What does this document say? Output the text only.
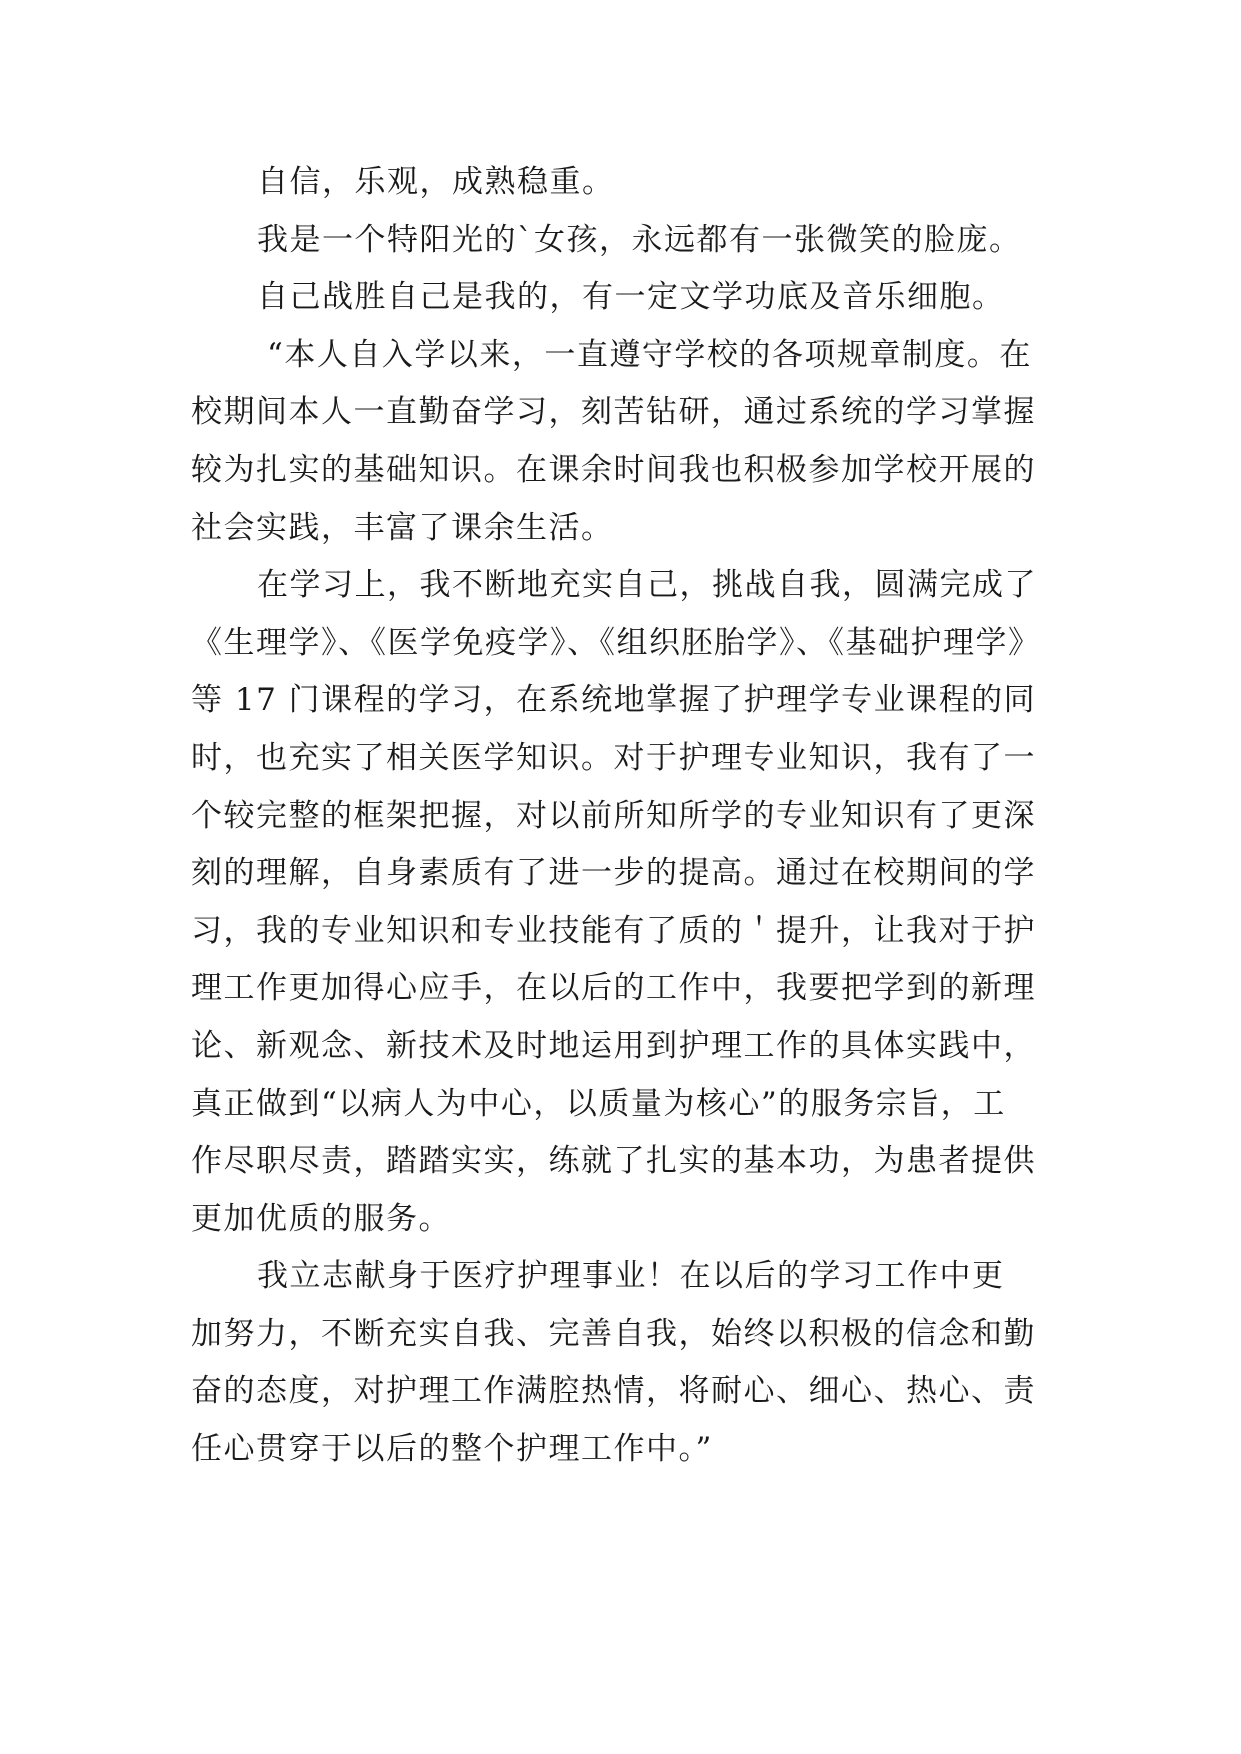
自信，乐观，成熟稳重。
我是一个特阳光的`女孩，永远都有一张微笑的脸庞。
自己战胜自己是我的，有一定文学功底及音乐细胞。
“本人自入学以来，一直遵守学校的各项规章制度。在
校期间本人一直勤奋学习，刻苦钻研，通过系统的学习掌握
较为扎实的基础知识。在课余时间我也积极参加学校开展的
社会实践，丰富了课余生活。
在学习上，我不断地充实自己，挑战自我，圆满完成了
《生理学》、《医学免疫学》、《组织胚胎学》、《基础护理学》
等 17 门课程的学习，在系统地掌握了护理学专业课程的同
时，也充实了相关医学知识。对于护理专业知识，我有了一
个较完整的框架把握，对以前所知所学的专业知识有了更深
刻的理解，自身素质有了进一步的提高。通过在校期间的学
习，我的专业知识和专业技能有了质的＇提升，让我对于护
理工作更加得心应手，在以后的工作中，我要把学到的新理
论、新观念、新技术及时地运用到护理工作的具体实践中，
真正做到“以病人为中心，以质量为核心”的服务宗旨，工
作尽职尽责，踏踏实实，练就了扎实的基本功，为患者提供
更加优质的服务。
我立志献身于医疗护理事业！在以后的学习工作中更
加努力，不断充实自我、完善自我，始终以积极的信念和勤
奋的态度，对护理工作满腔热情，将耐心、细心、热心、责
任心贯穿于以后的整个护理工作中。”
